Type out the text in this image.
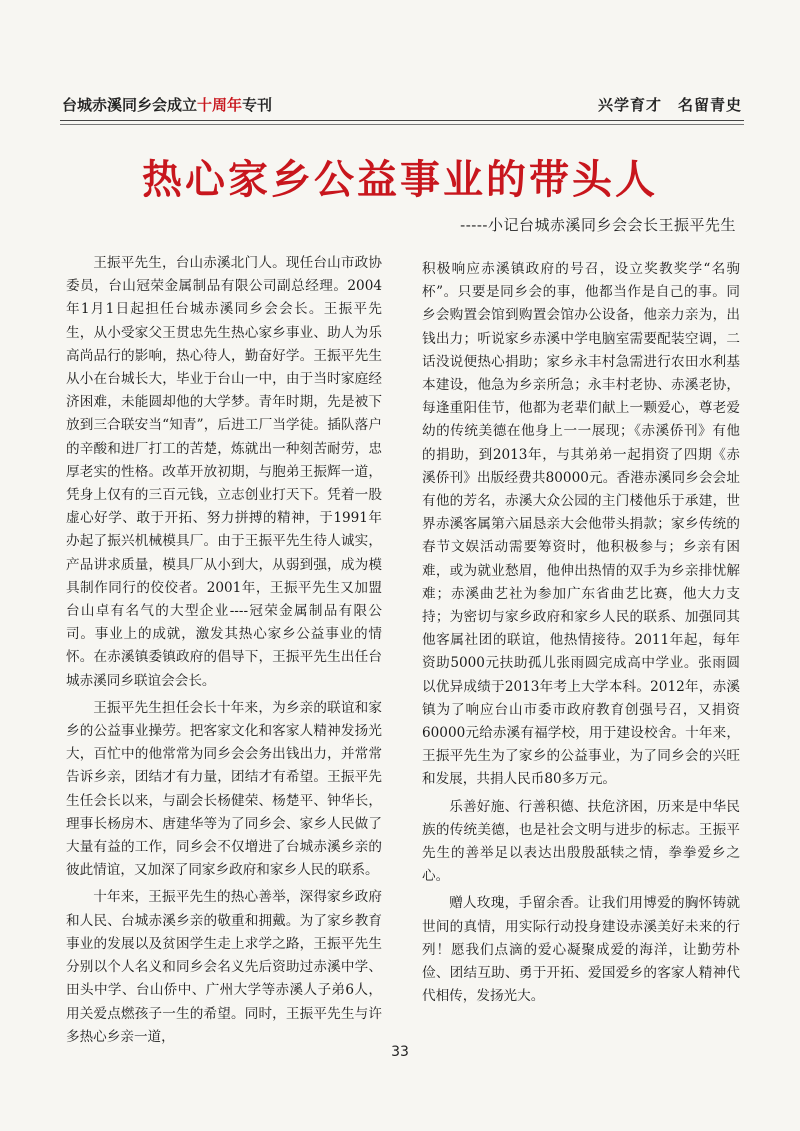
台城赤溪同乡会成立十周年专刊	兴学育才　名留青史
热心家乡公益事业的带头人
-----小记台城赤溪同乡会会长王振平先生

王振平先生，台山赤溪北门人。现任台山市政协委员，台山冠荣金属制品有限公司副总经理。2004年1月1日起担任台城赤溪同乡会会长。王振平先生，从小受家父王贯忠先生热心家乡事业、助人为乐高尚品行的影响，热心待人，勤奋好学。王振平先生从小在台城长大，毕业于台山一中，由于当时家庭经济困难，未能圆却他的大学梦。青年时期，先是被下放到三合联安当“知青”，后进工厂当学徒。插队落户的辛酸和进厂打工的苦楚，炼就出一种刻苦耐劳，忠厚老实的性格。改革开放初期，与胞弟王振辉一道，凭身上仅有的三百元钱，立志创业打天下。凭着一股虚心好学、敢于开拓、努力拼搏的精神，于1991年办起了振兴机械模具厂。由于王振平先生待人诚实，产品讲求质量，模具厂从小到大，从弱到强，成为模具制作同行的佼佼者。2001年，王振平先生又加盟台山卓有名气的大型企业----冠荣金属制品有限公司。事业上的成就，激发其热心家乡公益事业的情怀。在赤溪镇委镇政府的倡导下，王振平先生出任台城赤溪同乡联谊会会长。

王振平先生担任会长十年来，为乡亲的联谊和家乡的公益事业操劳。把客家文化和客家人精神发扬光大，百忙中的他常常为同乡会会务出钱出力，并常常告诉乡亲，团结才有力量，团结才有希望。王振平先生任会长以来，与副会长杨健荣、杨楚平、钟华长，理事长杨房木、唐建华等为了同乡会、家乡人民做了大量有益的工作，同乡会不仅增进了台城赤溪乡亲的彼此情谊，又加深了同家乡政府和家乡人民的联系。

十年来，王振平先生的热心善举，深得家乡政府和人民、台城赤溪乡亲的敬重和拥戴。为了家乡教育事业的发展以及贫困学生走上求学之路，王振平先生分别以个人名义和同乡会名义先后资助过赤溪中学、田头中学、台山侨中、广州大学等赤溪人子弟6人，用关爱点燃孩子一生的希望。同时，王振平先生与许多热心乡亲一道，

积极响应赤溪镇政府的号召，设立奖教奖学“名驹杯”。只要是同乡会的事，他都当作是自己的事。同乡会购置会馆到购置会馆办公设备，他亲力亲为，出钱出力；听说家乡赤溪中学电脑室需要配装空调，二话没说便热心捐助；家乡永丰村急需进行农田水利基本建设，他急为乡亲所急；永丰村老协、赤溪老协，每逢重阳佳节，他都为老辈们献上一颗爱心，尊老爱幼的传统美德在他身上一一展现；《赤溪侨刊》有他的捐助，到2013年，与其弟弟一起捐资了四期《赤溪侨刊》出版经费共80000元。香港赤溪同乡会会址有他的芳名，赤溪大众公园的主门楼他乐于承建，世界赤溪客属第六届恳亲大会他带头捐款；家乡传统的春节文娱活动需要筹资时，他积极参与；乡亲有困难，或为就业愁眉，他伸出热情的双手为乡亲排忧解难；赤溪曲艺社为参加广东省曲艺比赛，他大力支持；为密切与家乡政府和家乡人民的联系、加强同其他客属社团的联谊，他热情接待。2011年起，每年资助5000元扶助孤儿张雨圆完成高中学业。张雨圆以优异成绩于2013年考上大学本科。2012年，赤溪镇为了响应台山市委市政府教育创强号召，又捐资60000元给赤溪有福学校，用于建设校舍。十年来，王振平先生为了家乡的公益事业，为了同乡会的兴旺和发展，共捐人民币80多万元。

乐善好施、行善积德、扶危济困，历来是中华民族的传统美德，也是社会文明与进步的标志。王振平先生的善举足以表达出殷殷舐犊之情，拳拳爱乡之心。

赠人玫瑰，手留余香。让我们用博爱的胸怀铸就世间的真情，用实际行动投身建设赤溪美好未来的行列！愿我们点滴的爱心凝聚成爱的海洋，让勤劳朴俭、团结互助、勇于开拓、爱国爱乡的客家人精神代代相传，发扬光大。

33
